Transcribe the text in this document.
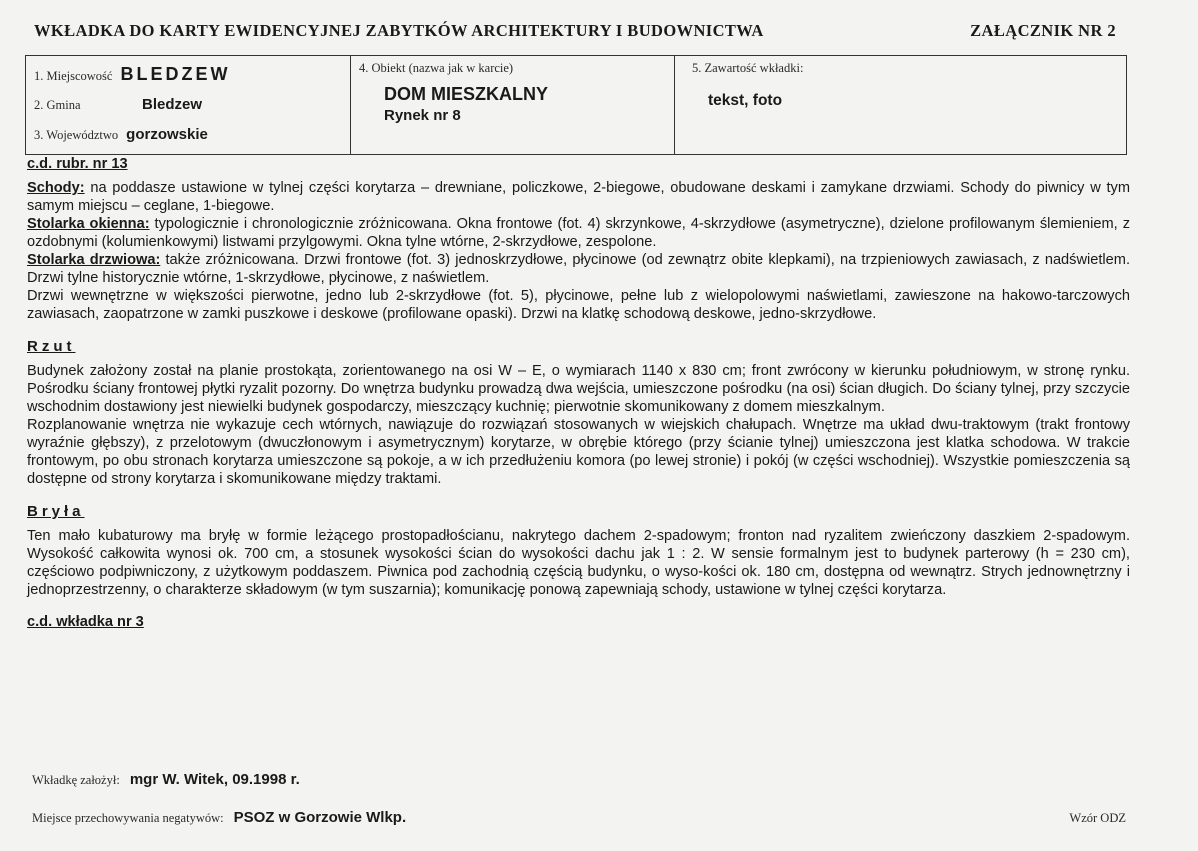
WKŁADKA DO KARTY EWIDENCYJNEJ ZABYTKÓW ARCHITEKTURY I BUDOWNICTWA	ZAŁĄCZNIK NR 2
1. Miejscowość BLEDZEW
2. Gmina	Bledzew
3. Województwo gorzowskie
4. Obiekt (nazwa jak w karcie)
DOM MIESZKALNY
Rynek nr 8
5. Zawartość wkładki:
tekst, foto

c.d. rubr. nr 13

Schody: na poddasze ustawione w tylnej części korytarza – drewniane, policzkowe, 2-biegowe, obudowane deskami i zamykane drzwiami. Schody do piwnicy w tym samym miejscu – ceglane, 1-biegowe.

Stolarka okienna: typologicznie i chronologicznie zróżnicowana. Okna frontowe (fot. 4) skrzynkowe, 4-skrzydłowe (asymetryczne), dzielone profilowanym ślemieniem, z ozdobnymi (kolumienkowymi) listwami przylgowymi. Okna tylne wtórne, 2-skrzydłowe, zespolone.

Stolarka drzwiowa: także zróżnicowana. Drzwi frontowe (fot. 3) jednoskrzydłowe, płycinowe (od zewnątrz obite klepkami), na trzpieniowych zawiasach, z nadświetlem. Drzwi tylne historycznie wtórne, 1-skrzydłowe, płycinowe, z naświetlem.

Drzwi wewnętrzne w większości pierwotne, jedno lub 2-skrzydłowe (fot. 5), płycinowe, pełne lub z wielopolowymi naświetlami, zawieszone na hakowo-tarczowych zawiasach, zaopatrzone w zamki puszkowe i deskowe (profilowane opaski). Drzwi na klatkę schodową deskowe, jedno-skrzydłowe.

Rzut

Budynek założony został na planie prostokąta, zorientowanego na osi W – E, o wymiarach 1140 x 830 cm; front zwrócony w kierunku południowym, w stronę rynku. Pośrodku ściany frontowej płytki ryzalit pozorny. Do wnętrza budynku prowadzą dwa wejścia, umieszczone pośrodku (na osi) ścian długich. Do ściany tylnej, przy szczycie wschodnim dostawiony jest niewielki budynek gospodarczy, mieszczący kuchnię; pierwotnie skomunikowany z domem mieszkalnym.

Rozplanowanie wnętrza nie wykazuje cech wtórnych, nawiązuje do rozwiązań stosowanych w wiejskich chałupach. Wnętrze ma układ dwu-traktowym (trakt frontowy wyraźnie głębszy), z przelotowym (dwuczłonowym i asymetrycznym) korytarze, w obrębie którego (przy ścianie tylnej) umieszczona jest klatka schodowa. W trakcie frontowym, po obu stronach korytarza umieszczone są pokoje, a w ich przedłużeniu komora (po lewej stronie) i pokój (w części wschodniej). Wszystkie pomieszczenia są dostępne od strony korytarza i skomunikowane między traktami.

Bryła

Ten mało kubaturowy ma bryłę w formie leżącego prostopadłościanu, nakrytego dachem 2-spadowym; fronton nad ryzalitem zwieńczony daszkiem 2-spadowym. Wysokość całkowita wynosi ok. 700 cm, a stosunek wysokości ścian do wysokości dachu jak 1 : 2. W sensie formalnym jest to budynek parterowy (h = 230 cm), częściowo podpiwniczony, z użytkowym poddaszem. Piwnica pod zachodnią częścią budynku, o wyso-kości ok. 180 cm, dostępna od wewnątrz. Strych jednownętrzny i jednoprzestrzenny, o charakterze składowym (w tym suszarnia); komunikację ponową zapewniają schody, ustawione w tylnej części korytarza.

c.d. wkładka nr 3

Wkładkę założył: mgr W. Witek, 09.1998 r.
Miejsce przechowywania negatywów: PSOZ w Gorzowie Wlkp.	Wzór ODZ
